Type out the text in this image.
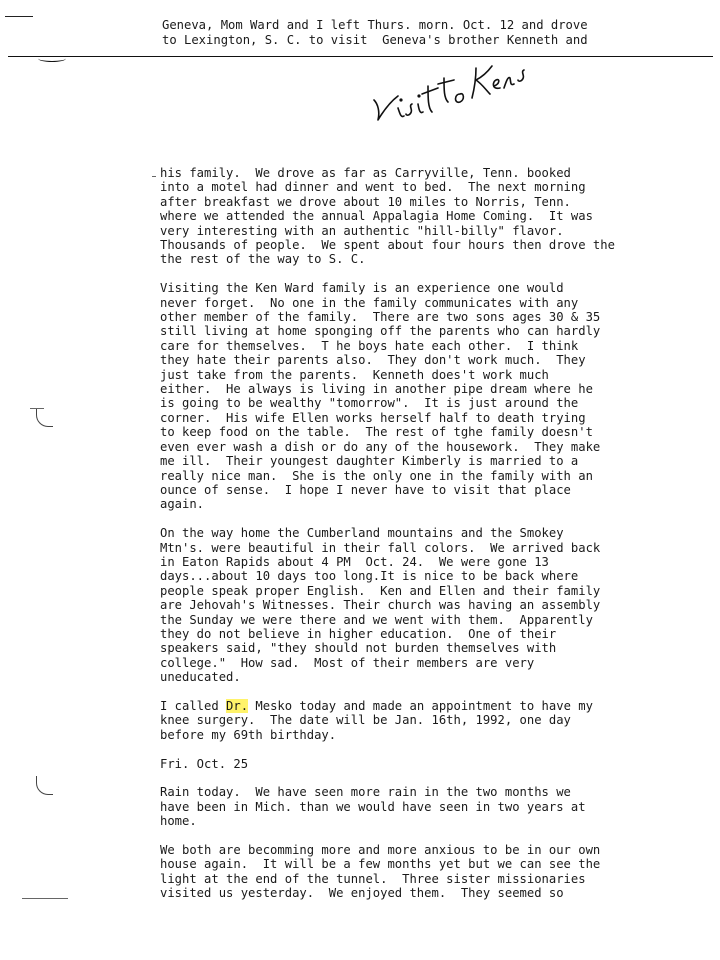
Geneva, Mom Ward and I left Thurs. morn. Oct. 12 and drove
to Lexington, S. C. to visit  Geneva's brother Kenneth and
his family.  We drove as far as Carryville, Tenn. booked
into a motel had dinner and went to bed.  The next morning
after breakfast we drove about 10 miles to Norris, Tenn.
where we attended the annual Appalagia Home Coming.  It was
very interesting with an authentic "hill-billy" flavor.
Thousands of people.  We spent about four hours then drove the
the rest of the way to S. C.
Visiting the Ken Ward family is an experience one would
never forget.  No one in the family communicates with any
other member of the family.  There are two sons ages 30 & 35
still living at home sponging off the parents who can hardly
care for themselves.  T he boys hate each other.  I think
they hate their parents also.  They don't work much.  They
just take from the parents.  Kenneth does't work much
either.  He always is living in another pipe dream where he
is going to be wealthy "tomorrow".  It is just around the
corner.  His wife Ellen works herself half to death trying
to keep food on the table.  The rest of tghe family doesn't
even ever wash a dish or do any of the housework.  They make
me ill.  Their youngest daughter Kimberly is married to a
really nice man.  She is the only one in the family with an
ounce of sense.  I hope I never have to visit that place
again.
On the way home the Cumberland mountains and the Smokey
Mtn's. were beautiful in their fall colors.  We arrived back
in Eaton Rapids about 4 PM  Oct. 24.  We were gone 13
days...about 10 days too long.It is nice to be back where
people speak proper English.  Ken and Ellen and their family
are Jehovah's Witnesses. Their church was having an assembly
the Sunday we were there and we went with them.  Apparently
they do not believe in higher education.  One of their
speakers said, "they should not burden themselves with
college."  How sad.  Most of their members are very
uneducated.
I called Dr. Mesko today and made an appointment to have my
knee surgery.  The date will be Jan. 16th, 1992, one day
before my 69th birthday.
Fri. Oct. 25
Rain today.  We have seen more rain in the two months we
have been in Mich. than we would have seen in two years at
home.
We both are becomming more and more anxious to be in our own
house again.  It will be a few months yet but we can see the
light at the end of the tunnel.  Three sister missionaries
visited us yesterday.  We enjoyed them.  They seemed so
